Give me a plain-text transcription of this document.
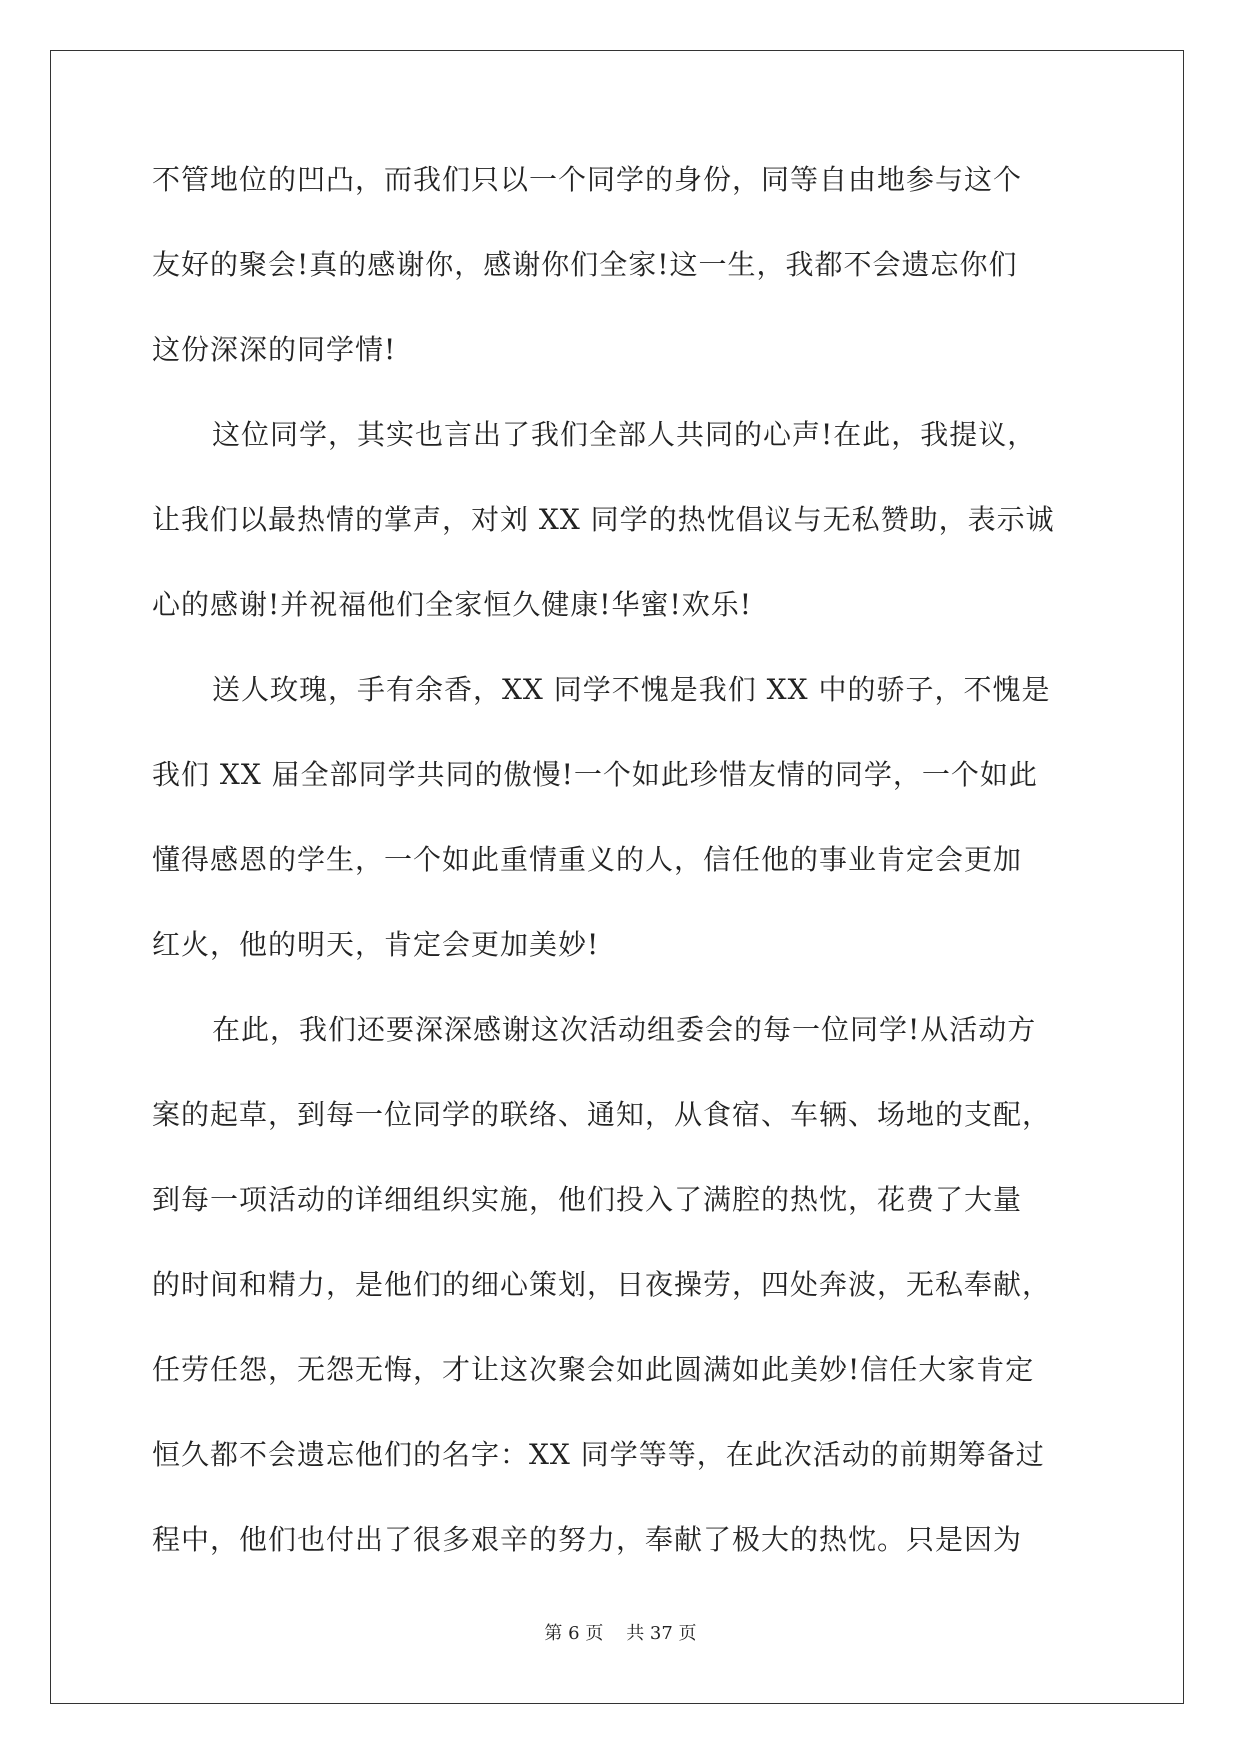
不管地位的凹凸，而我们只以一个同学的身份，同等自由地参与这个
友好的聚会!真的感谢你，感谢你们全家!这一生，我都不会遗忘你们
这份深深的同学情!
这位同学，其实也言出了我们全部人共同的心声!在此，我提议，
让我们以最热情的掌声，对刘 XX 同学的热忱倡议与无私赞助，表示诚
心的感谢!并祝福他们全家恒久健康!华蜜!欢乐!
送人玫瑰，手有余香，XX 同学不愧是我们 XX 中的骄子，不愧是
我们 XX 届全部同学共同的傲慢!一个如此珍惜友情的同学，一个如此
懂得感恩的学生，一个如此重情重义的人，信任他的事业肯定会更加
红火，他的明天，肯定会更加美妙!
在此，我们还要深深感谢这次活动组委会的每一位同学!从活动方
案的起草，到每一位同学的联络、通知，从食宿、车辆、场地的支配，
到每一项活动的详细组织实施，他们投入了满腔的热忱，花费了大量
的时间和精力，是他们的细心策划，日夜操劳，四处奔波，无私奉献，
任劳任怨，无怨无悔，才让这次聚会如此圆满如此美妙!信任大家肯定
恒久都不会遗忘他们的名字：XX 同学等等，在此次活动的前期筹备过
程中，他们也付出了很多艰辛的努力，奉献了极大的热忱。只是因为
第 6 页    共 37 页
